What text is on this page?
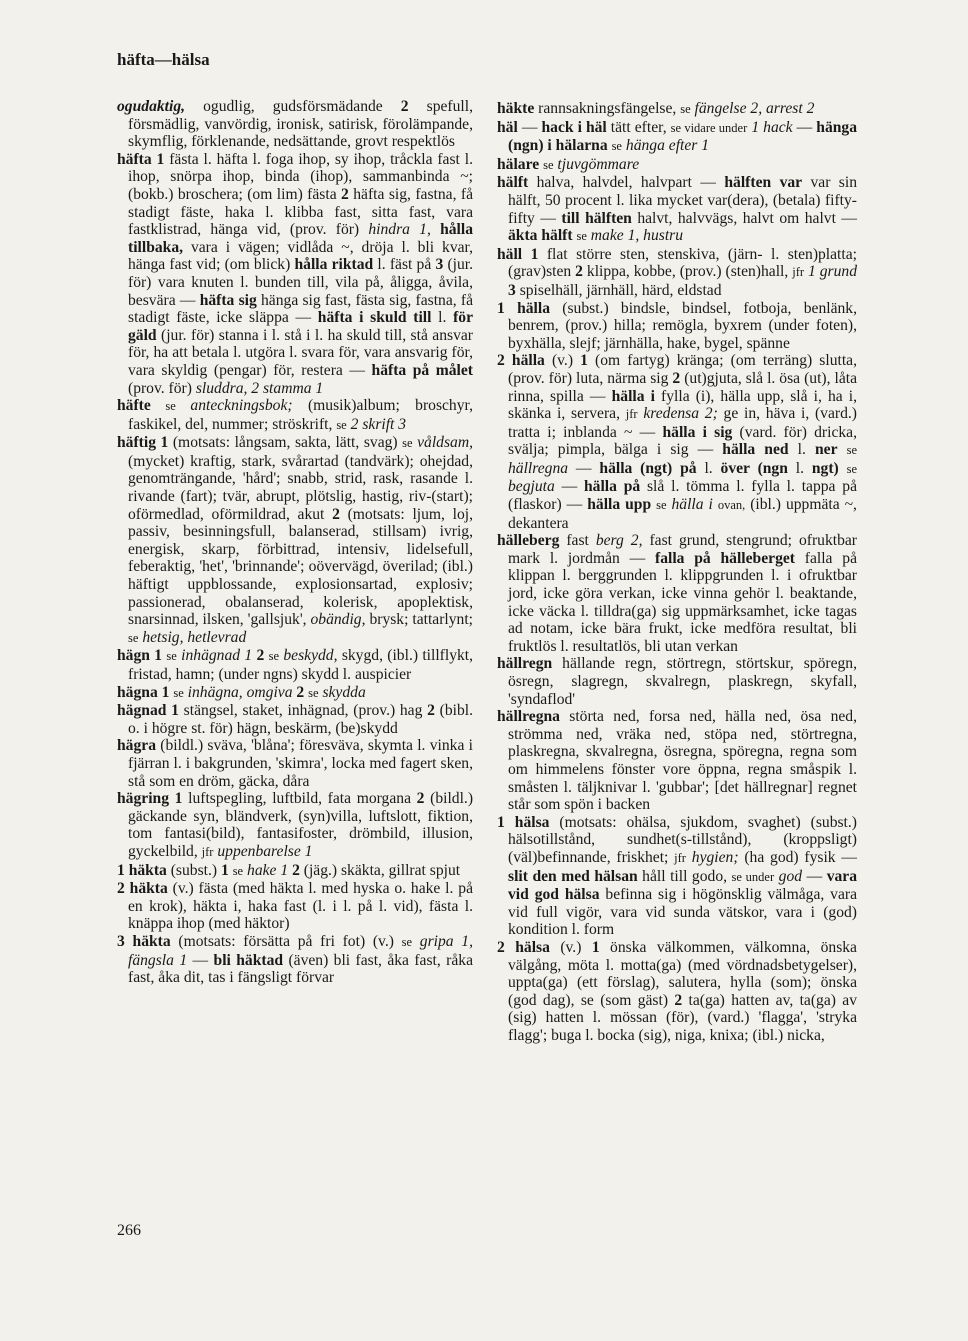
häfta—hälsa

ogudaktig, ogudlig, gudsförsmädande 2 spefull, försmädlig, vanvördig, ironisk, satirisk, förolämpande, skymflig, förklenande, nedsättande, grovt respektlös

häfta 1 fästa l. häfta l. foga ihop, sy ihop, tråckla fast l. ihop, snörpa ihop, binda (ihop), sammanbinda ~; (bokb.) broschera; (om lim) fästa 2 häfta sig, fastna, få stadigt fäste, haka l. klibba fast, sitta fast, vara fastklistrad, hänga vid, (prov. för) hindra 1, hålla tillbaka, vara i vägen; vidlåda ~, dröja l. bli kvar, hänga fast vid; (om blick) hålla riktad l. fäst på 3 (jur. för) vara knuten l. bunden till, vila på, åligga, åvila, besvära — häfta sig hänga sig fast, fästa sig, fastna, få stadigt fäste, icke släppa — häfta i skuld till l. för gäld (jur. för) stanna i l. stå i l. ha skuld till, stå ansvar för, ha att betala l. utgöra l. svara för, vara ansvarig för, vara skyldig (pengar) för, restera — häfta på målet (prov. för) sluddra, 2 stamma 1

häfte se anteckningsbok; (musik)album; broschyr, faskikel, del, nummer; ströskrift, se 2 skrift 3

häftig 1 (motsats: långsam, sakta, lätt, svag) se våldsam, (mycket) kraftig, stark, svårartad (tandvärk); ohejdad, genomträngande, 'hård'; snabb, strid, rask, rasande l. rivande (fart); tvär, abrupt, plötslig, hastig, riv-(start); oförmedlad, oförmildrad, akut 2 (motsats: ljum, loj, passiv, besinningsfull, balanserad, stillsam) ivrig, energisk, skarp, förbittrad, intensiv, lidelsefull, feberaktig, 'het', 'brinnande'; oövervägd, överilad; (ibl.) häftigt uppblossande, explosionsartad, explosiv; passionerad, obalanserad, kolerisk, apoplektisk, snarsinnad, ilsken, 'gallsjuk', obändig, brysk; tattarlynt; se hetsig, hetlevrad

hägn 1 se inhägnad 1 2 se beskydd, skygd, (ibl.) tillflykt, fristad, hamn; (under ngns) skydd l. auspicier

hägna 1 se inhägna, omgiva 2 se skydda

hägnad 1 stängsel, staket, inhägnad, (prov.) hag 2 (bibl. o. i högre st. för) hägn, beskärm, (be)skydd

hägra (bildl.) sväva, 'blåna'; föresväva, skymta l. vinka i fjärran l. i bakgrunden, 'skimra', locka med fagert sken, stå som en dröm, gäcka, dåra

hägring 1 luftspegling, luftbild, fata morgana 2 (bildl.) gäckande syn, bländverk, (syn)villa, luftslott, fiktion, tom fantasi(bild), fantasifoster, drömbild, illusion, gyckelbild, jfr uppenbarelse 1

1 häkta (subst.) 1 se hake 1 2 (jäg.) skäkta, gillrat spjut

2 häkta (v.) fästa (med häkta l. med hyska o. hake l. på en krok), häkta i, haka fast (l. i l. på l. vid), fästa l. knäppa ihop (med häktor)

3 häkta (motsats: försätta på fri fot) (v.) se gripa 1, fängsla 1 — bli häktad (även) bli fast, åka fast, råka fast, åka dit, tas i fängsligt förvar

häkte rannsakningsfängelse, se fängelse 2, arrest 2

häl — hack i häl tätt efter, se vidare under 1 hack — hänga (ngn) i hälarna se hänga efter 1

hälare se tjuvgömmare

hälft halva, halvdel, halvpart — hälften var var sin hälft, 50 procent l. lika mycket var(dera), (betala) fifty-fifty — till hälften halvt, halvvägs, halvt om halvt — äkta hälft se make 1, hustru

häll 1 flat större sten, stenskiva, (järn- l. sten)platta; (grav)sten 2 klippa, kobbe, (prov.) (sten)hall, jfr 1 grund 3 spiselhäll, järnhäll, härd, eldstad

1 hälla (subst.) bindsle, bindsel, fotboja, benlänk, benrem, (prov.) hilla; remögla, byxrem (under foten), byxhälla, slejf; järnhälla, hake, bygel, spänne

2 hälla (v.) 1 (om fartyg) kränga; (om terräng) slutta, (prov. för) luta, närma sig 2 (ut)gjuta, slå l. ösa (ut), låta rinna, spilla — hälla i fylla (i), hälla upp, slå i, ha i, skänka i, servera, jfr kredensa 2; ge in, häva i, (vard.) tratta i; inblanda ~ — hälla i sig (vard. för) dricka, svälja; pimpla, bälga i sig — hälla ned l. ner se hällregna — hälla (ngt) på l. över (ngn l. ngt) se begjuta — hälla på slå l. tömma l. fylla l. tappa på (flaskor) — hälla upp se hälla i ovan, (ibl.) uppmäta ~, dekantera

hälleberg fast berg 2, fast grund, stengrund; ofruktbar mark l. jordmån — falla på hälleberget falla på klippan l. berggrunden l. klippgrunden l. i ofruktbar jord, icke göra verkan, icke vinna gehör l. beaktande, icke väcka l. tilldra(ga) sig uppmärksamhet, icke tagas ad notam, icke bära frukt, icke medföra resultat, bli fruktlös l. resultatlös, bli utan verkan

hällregn hällande regn, störtregn, störtskur, spöregn, ösregn, slagregn, skvalregn, plaskregn, skyfall, 'syndaflod'

hällregna störta ned, forsa ned, hälla ned, ösa ned, strömma ned, vräka ned, stöpa ned, störtregna, plaskregna, skvalregna, ösregna, spöregna, regna som om himmelens fönster vore öppna, regna småspik l. småsten l. täljknivar l. 'gubbar'; [det hällregnar] regnet står som spön i backen

1 hälsa (motsats: ohälsa, sjukdom, svaghet) (subst.) hälsotillstånd, sundhet(s-tillstånd), (kroppsligt) (väl)befinnande, friskhet; jfr hygien; (ha god) fysik — slit den med hälsan håll till godo, se under god — vara vid god hälsa befinna sig i högönsklig välmåga, vara vid full vigör, vara vid sunda vätskor, vara i (god) kondition l. form

2 hälsa (v.) 1 önska välkommen, välkomna, önska välgång, möta l. motta(ga) (med vördnadsbetygelser), uppta(ga) (ett förslag), salutera, hylla (som); önska (god dag), se (som gäst) 2 ta(ga) hatten av, ta(ga) av (sig) hatten l. mössan (för), (vard.) 'flagga', 'stryka flagg'; buga l. bocka (sig), niga, knixa; (ibl.) nicka,

266
